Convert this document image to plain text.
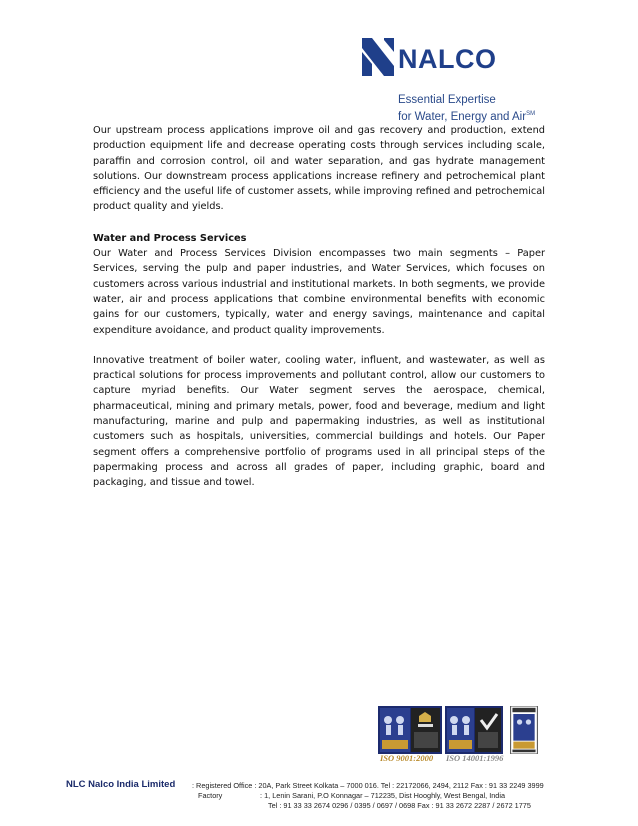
NALCO
Essential Expertise
for Water, Energy and Air℠

Our upstream process applications improve oil and gas recovery and production, extend production equipment life and decrease operating costs through services including scale, paraffin and corrosion control, oil and water separation, and gas hydrate management solutions. Our downstream process applications increase refinery and petrochemical plant efficiency and the useful life of customer assets, while improving refined and petrochemical product quality and yields.

Water and Process Services

Our Water and Process Services Division encompasses two main segments – Paper Services, serving the pulp and paper industries, and Water Services, which focuses on customers across various industrial and institutional markets. In both segments, we provide water, air and process applications that combine environmental benefits with economic gains for our customers, typically, water and energy savings, maintenance and capital expenditure avoidance, and product quality improvements.

Innovative treatment of boiler water, cooling water, influent, and wastewater, as well as practical solutions for process improvements and pollutant control, allow our customers to capture myriad benefits. Our Water segment serves the aerospace, chemical, pharmaceutical, mining and primary metals, power, food and beverage, medium and light manufacturing, marine and pulp and papermaking industries, as well as institutional customers such as hospitals, universities, commercial buildings and hotels. Our Paper segment offers a comprehensive portfolio of programs used in all principal steps of the papermaking process and across all grades of paper, including graphic, board and packaging, and tissue and towel.

ISO 9001:2000 ISO 14001:1996
NLC Nalco India Limited : Registered Office : 20A, Park Street Kolkata – 7000 016. Tel : 22172066, 2494, 2112 Fax : 91 33 2249 3999
Factory	: 1, Lenin Sarani, P.O Konnagar – 712235, Dist Hooghly, West Bengal, India
Tel : 91 33 33 2674 0296 / 0395 / 0697 / 0698 Fax : 91 33 2672 2287 / 2672 1775
